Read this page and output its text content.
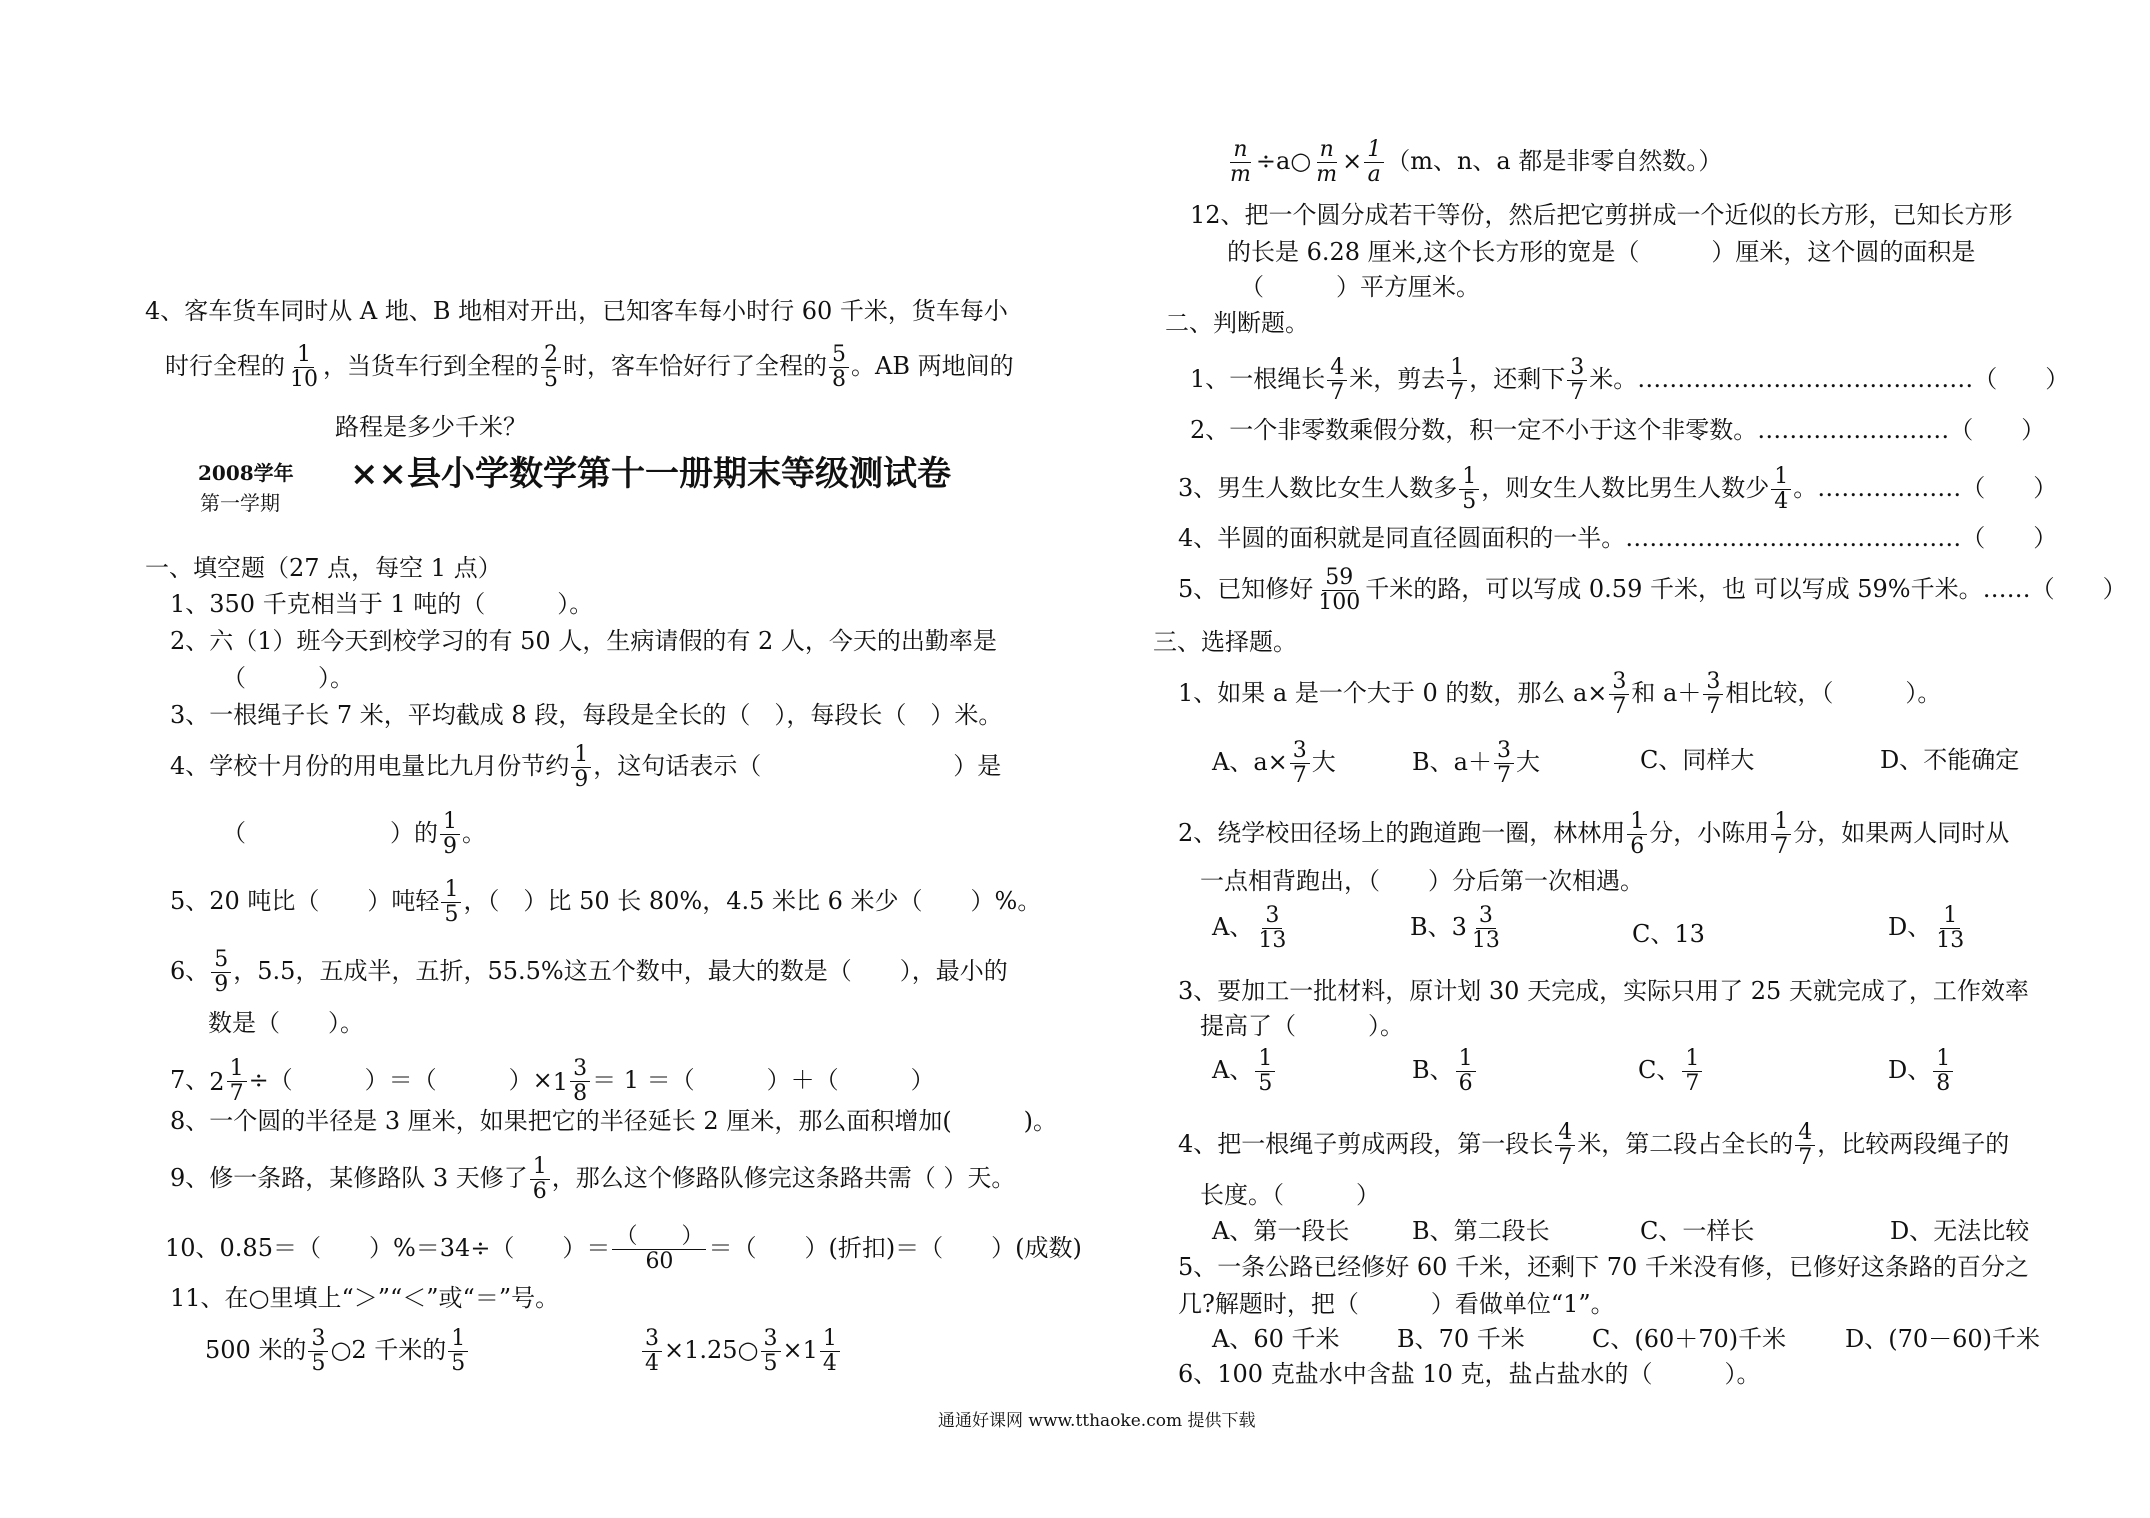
4、客车货车同时从 A 地、B 地相对开出，已知客车每小时行 60 千米，货车每小
时行全程的 $\frac{1}{10}$ ，当货车行到全程的 $\frac{2}{5}$ 时，客车恰好行了全程的 $\frac{5}{8}$ 。AB 两地间的
路程是多少千米？
2008学年
第一学期
××县小学数学第十一册期末等级测试卷
一、填空题（27 点，每空 1 点）
1、350 千克相当于 1 吨的（　　　）。
2、六（1）班今天到校学习的有 50 人，生病请假的有 2 人，今天的出勤率是
（　　　）。
3、一根绳子长 7 米，平均截成 8 段，每段是全长的（　），每段长（　）米。
4、学校十月份的用电量比九月份节约 $\frac{1}{9}$ ，这句话表示（　　　　　　　　）是
（　　　　　　）的 $\frac{1}{9}$ 。
5、20 吨比（　　）吨轻 $\frac{1}{5}$ ，（　）比 50 长 80%，4.5 米比 6 米少（　　）%。
6、 $\frac{5}{9}$ ，5.5，五成半，五折，55.5%这五个数中，最大的数是（　　），最小的
数是（　　）。
7、 2 1
7 ÷（　　　）＝（　　　）× 1 3
8 ＝ 1 ＝（　　　）＋（　　　）
8、一个圆的半径是 3 厘米，如果把它的半径延长 2 厘米，那么面积增加(　　　)。
9、修一条路，某修路队 3 天修了 $\frac{1}{6}$ ，那么这个修路队修完这条路共需（ ）天。
10、0.85＝（　　）%＝34÷（　　）＝ （　　）
60 ＝（　　）(折扣)＝（　　）(成数)
11、在○里填上“＞”“＜”或“＝”号。
500 米的 $\frac{3}{5}$ ○2 千米的 $\frac{1}{5}$	$\frac{3}{4}$ ×1.25○ $\frac{3}{5} \times 1 \frac{1}{4}$
$\frac{n}{m}$ ÷a○ $\frac{n}{m} \times \frac{1}{a} (m$、n、a 都是非零自然数。）
12、把一个圆分成若干等份，然后把它剪拼成一个近似的长方形，已知长方形
的长是 6.28 厘米,这个长方形的宽是（　　　）厘米，这个圆的面积是
（　　　）平方厘米。
二、判断题。
1、一根绳长 $\frac{4}{7}$ 米，剪去 $\frac{1}{7}$ ，还剩下 $\frac{3}{7}$ 米。……………………………………（　　）
2、一个非零数乘假分数，积一定不小于这个非零数。……………………（　　）
3、男生人数比女生人数多 $\frac{1}{5}$ ，则女生人数比男生人数少 $\frac{1}{4}$ 。………………（　　）
4、半圆的面积就是同直径圆面积的一半。……………………………………（　　）
5、已知修好 $\frac{59}{100}$ 千米的路，可以写成 0.59 千米，也 可以写成 59%千米。……（　　）
三、选择题。
1、如果 a 是一个大于 0 的数，那么 $a\times \frac{3}{7}$ 和 $a+ \frac{3}{7}$ 相比较，（　　　）。
A、$a\times \frac{3}{7}$ 大	B、$a+ \frac{3}{7}$ 大	C、同样大	D、不能确定
2、绕学校田径场上的跑道跑一圈，林林用 $\frac{1}{6}$ 分，小陈用 $\frac{1}{7}$ 分，如果两人同时从
一点相背跑出，（　　）分后第一次相遇。
A、 $\frac{3}{13}$	B、$3 \frac{3}{13}$	C、13	D、 $\frac{1}{13}$
3、要加工一批材料，原计划 30 天完成，实际只用了 25 天就完成了，工作效率
提高了（　　　）。
A、 $\frac{1}{5}$	B、 $\frac{1}{6}$	C、 $\frac{1}{7}$	D、 $\frac{1}{8}$
4、把一根绳子剪成两段，第一段长 $\frac{4}{7}$ 米，第二段占全长的 $\frac{4}{7}$ ，比较两段绳子的
长度。（　　　）
A、第一段长	B、第二段长	C、一样长	D、无法比较
5、一条公路已经修好 60 千米，还剩下 70 千米没有修，已修好这条路的百分之
几?解题时，把（　　　）看做单位“1”。
A、60 千米 B、70 千米	C、(60＋70)千米 D、(70－60)千米
6、100 克盐水中含盐 10 克，盐占盐水的（　　　）。
通通好课网 www.tthaoke.com 提供下载
